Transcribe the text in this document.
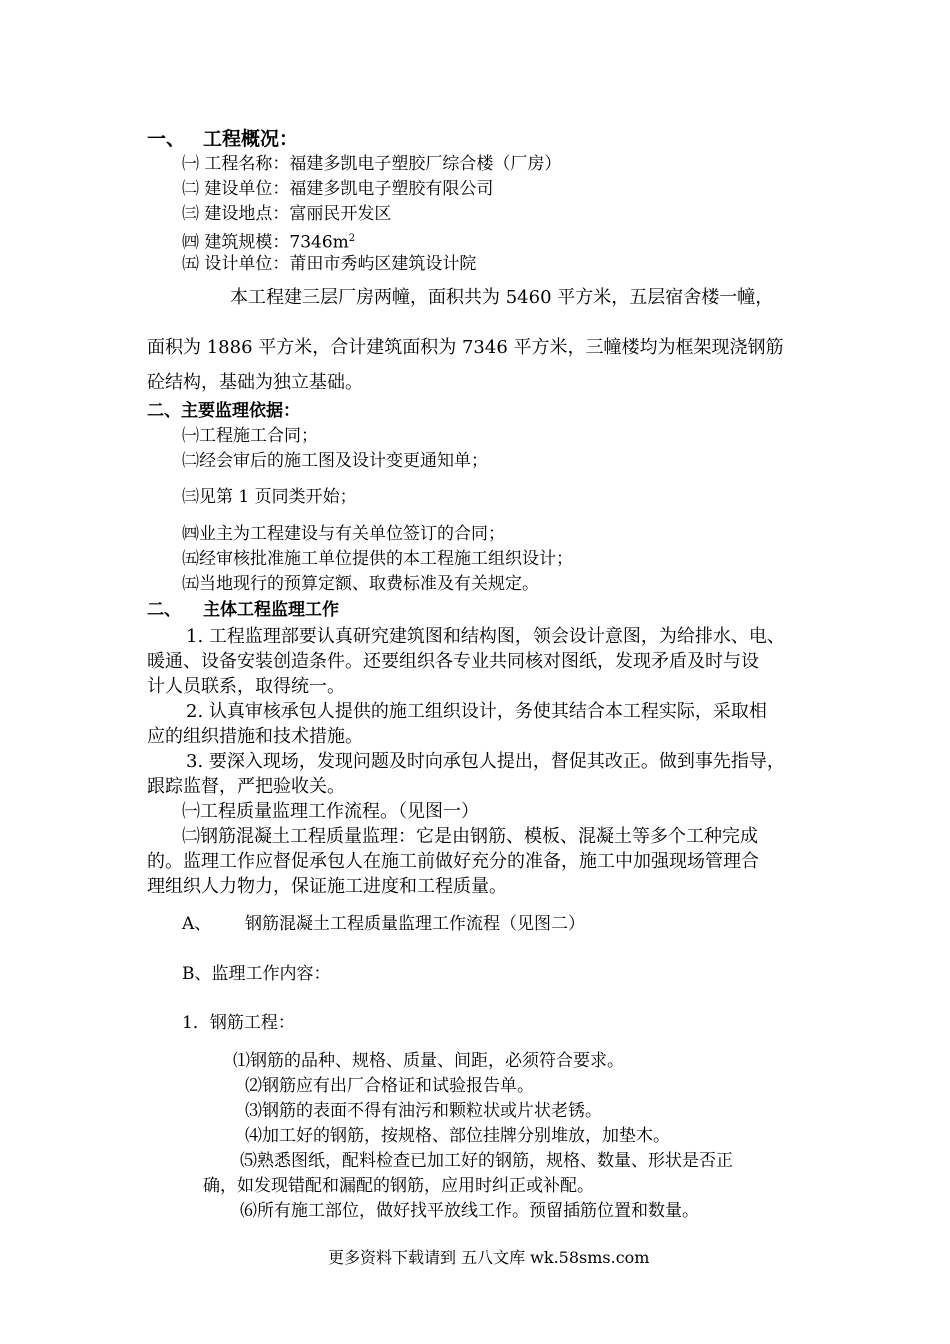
一、 工程概况：
㈠ 工程名称：福建多凯电子塑胶厂综合楼（厂房）
㈡ 建设单位：福建多凯电子塑胶有限公司
㈢ 建设地点：富丽民开发区
㈣ 建筑规模：$7346m^2$
㈤ 设计单位：莆田市秀屿区建筑设计院
本工程建三层厂房两幢，面积共为 5460 平方米，五层宿舍楼一幢，
面积为 1886 平方米，合计建筑面积为 7346 平方米，三幢楼均为框架现浇钢筋
砼结构，基础为独立基础。
二、主要监理依据：
㈠工程施工合同；
㈡经会审后的施工图及设计变更通知单；
㈢见第 1 页同类开始；
㈣业主为工程建设与有关单位签订的合同；
㈤经审核批准施工单位提供的本工程施工组织设计；
㈤当地现行的预算定额、取费标准及有关规定。
二、 主体工程监理工作
1. 工程监理部要认真研究建筑图和结构图，领会设计意图，为给排水、电、
暖通、设备安装创造条件。还要组织各专业共同核对图纸，发现矛盾及时与设
计人员联系，取得统一。
2. 认真审核承包人提供的施工组织设计，务使其结合本工程实际，采取相
应的组织措施和技术措施。
3. 要深入现场，发现问题及时向承包人提出，督促其改正。做到事先指导，
跟踪监督，严把验收关。
㈠工程质量监理工作流程。（见图一）
㈡钢筋混凝土工程质量监理：它是由钢筋、模板、混凝土等多个工种完成
的。监理工作应督促承包人在施工前做好充分的准备，施工中加强现场管理合
理组织人力物力，保证施工进度和工程质量。
A、 钢筋混凝土工程质量监理工作流程（见图二）
B、监理工作内容：
1．钢筋工程：
⑴钢筋的品种、规格、质量、间距，必须符合要求。
⑵钢筋应有出厂合格证和试验报告单。
⑶钢筋的表面不得有油污和颗粒状或片状老锈。
⑷加工好的钢筋，按规格、部位挂牌分别堆放，加垫木。
⑸熟悉图纸，配料检查已加工好的钢筋，规格、数量、形状是否正
确，如发现错配和漏配的钢筋，应用时纠正或补配。
⑹所有施工部位，做好找平放线工作。预留插筋位置和数量。
更多资料下载请到 五八文库 wk.58sms.com
